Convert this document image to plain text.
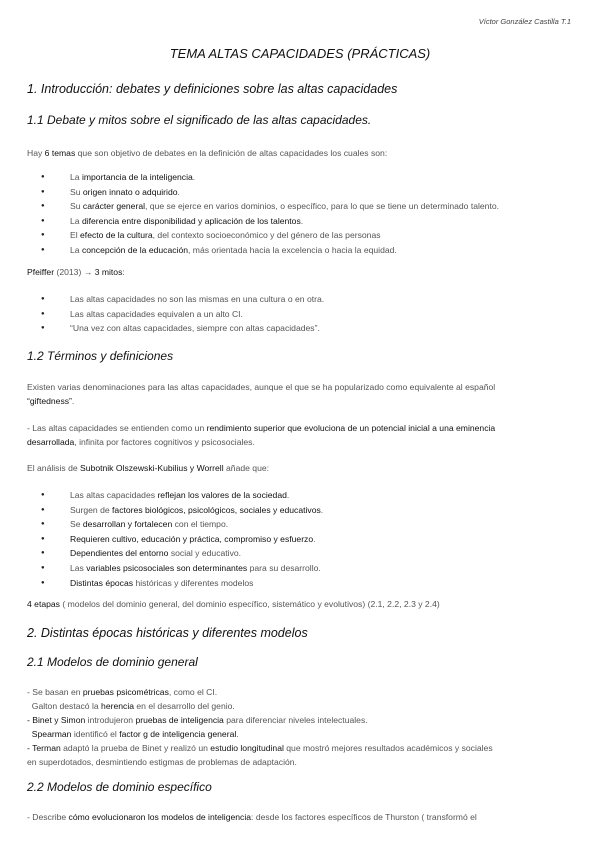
Víctor González Castilla T.1
TEMA ALTAS CAPACIDADES (PRÁCTICAS)
1. Introducción: debates y definiciones sobre las altas capacidades
1.1 Debate y mitos sobre el significado de las altas capacidades.
Hay 6 temas que son objetivo de debates en la definición de altas capacidades los cuales son:
● La importancia de la inteligencia.
● Su origen innato o adquirido.
● Su carácter general, que se ejerce en varios dominios, o específico, para lo que se tiene un determinado talento.
● La diferencia entre disponibilidad y aplicación de los talentos.
● El efecto de la cultura, del contexto socioeconómico y del género de las personas
● La concepción de la educación, más orientada hacia la excelencia o hacia la equidad.
Pfeiffer (2013) → 3 mitos:
● Las altas capacidades no son las mismas en una cultura o en otra.
● Las altas capacidades equivalen a un alto CI.
● “Una vez con altas capacidades, siempre con altas capacidades”.
1.2 Términos y definiciones
Existen varias denominaciones para las altas capacidades, aunque el que se ha popularizado como equivalente al español
“giftedness”.
- Las altas capacidades se entienden como un rendimiento superior que evoluciona de un potencial inicial a una eminencia
desarrollada, infinita por factores cognitivos y psicosociales.
El análisis de Subotnik Olszewski-Kubilius y Worrell añade que:
● Las altas capacidades reflejan los valores de la sociedad.
● Surgen de factores biológicos, psicológicos, sociales y educativos.
● Se desarrollan y fortalecen con el tiempo.
● Requieren cultivo, educación y práctica, compromiso y esfuerzo.
● Dependientes del entorno social y educativo.
● Las variables psicosociales son determinantes para su desarrollo.
● Distintas épocas históricas y diferentes modelos
4 etapas ( modelos del dominio general, del dominio específico, sistemático y evolutivos) (2.1, 2.2, 2.3 y 2.4)
2. Distintas épocas históricas y diferentes modelos
2.1 Modelos de dominio general
- Se basan en pruebas psicométricas, como el CI.
Galton destacó la herencia en el desarrollo del genio.
- Binet y Simon introdujeron pruebas de inteligencia para diferenciar niveles intelectuales.
Spearman identificó el factor g de inteligencia general.
- Terman adaptó la prueba de Binet y realizó un estudio longitudinal que mostró mejores resultados académicos y sociales
en superdotados, desmintiendo estigmas de problemas de adaptación.
2.2 Modelos de dominio específico
- Describe cómo evolucionaron los modelos de inteligencia: desde los factores específicos de Thurston ( transformó el
